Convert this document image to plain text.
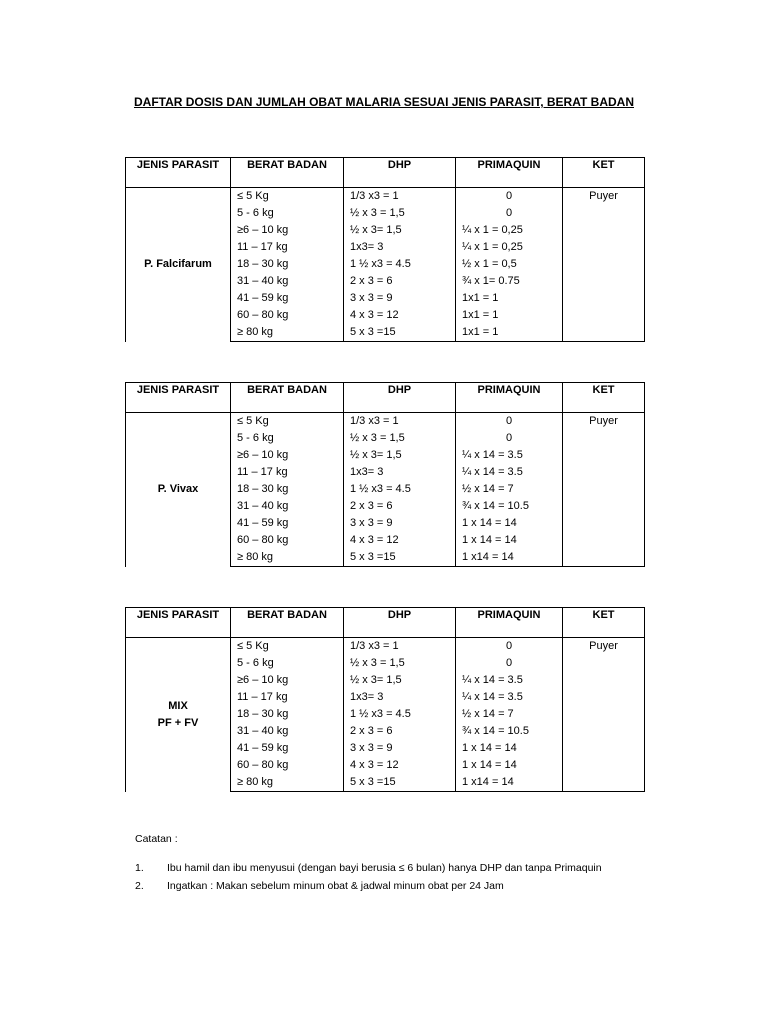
DAFTAR DOSIS DAN JUMLAH OBAT MALARIA SESUAI JENIS PARASIT, BERAT BADAN
JENIS PARASIT	BERAT BADAN	DHP	PRIMAQUIN	KET

P. Falcifarum	≤ 5 Kg	1/3 x3 = 1	0	Puyer
	5 - 6 kg	½ x 3 = 1,5	0	
	≥6 – 10 kg	½ x 3= 1,5	¼ x 1 = 0,25	
	11 – 17 kg	1x3= 3	¼ x 1 = 0,25	
	18 – 30 kg	1 ½ x3 = 4.5	½ x 1 = 0,5	
	31 – 40 kg	2 x 3 = 6	¾ x 1= 0.75	
	41 – 59 kg	3 x 3 = 9	1x1 = 1	
	60 – 80 kg	4 x 3 = 12	1x1 = 1	
	≥ 80 kg	5 x 3 =15	1x1 = 1	
JENIS PARASIT	BERAT BADAN	DHP	PRIMAQUIN	KET

P. Vivax	≤ 5 Kg	1/3 x3 = 1	0	Puyer
	5 - 6 kg	½ x 3 = 1,5	0	
	≥6 – 10 kg	½ x 3= 1,5	¼ x 14 = 3.5	
	11 – 17 kg	1x3= 3	¼ x 14 = 3.5	
	18 – 30 kg	1 ½ x3 = 4.5	½ x 14 = 7	
	31 – 40 kg	2 x 3 = 6	¾ x 14 = 10.5	
	41 – 59 kg	3 x 3 = 9	1 x 14 = 14	
	60 – 80 kg	4 x 3 = 12	1 x 14 = 14	
	≥ 80 kg	5 x 3 =15	1 x14 = 14	
JENIS PARASIT	BERAT BADAN	DHP	PRIMAQUIN	KET

MIX
PF + FV	≤ 5 Kg	1/3 x3 = 1	0	Puyer
	5 - 6 kg	½ x 3 = 1,5	0	
	≥6 – 10 kg	½ x 3= 1,5	¼ x 14 = 3.5	
	11 – 17 kg	1x3= 3	¼ x 14 = 3.5	
	18 – 30 kg	1 ½ x3 = 4.5	½ x 14 = 7	
	31 – 40 kg	2 x 3 = 6	¾ x 14 = 10.5	
	41 – 59 kg	3 x 3 = 9	1 x 14 = 14	
	60 – 80 kg	4 x 3 = 12	1 x 14 = 14	
	≥ 80 kg	5 x 3 =15	1 x14 = 14	
Catatan :
1.	Ibu hamil dan ibu menyusui (dengan bayi berusia ≤ 6 bulan) hanya DHP dan tanpa Primaquin
2.	Ingatkan : Makan sebelum minum obat & jadwal minum obat per 24 Jam
